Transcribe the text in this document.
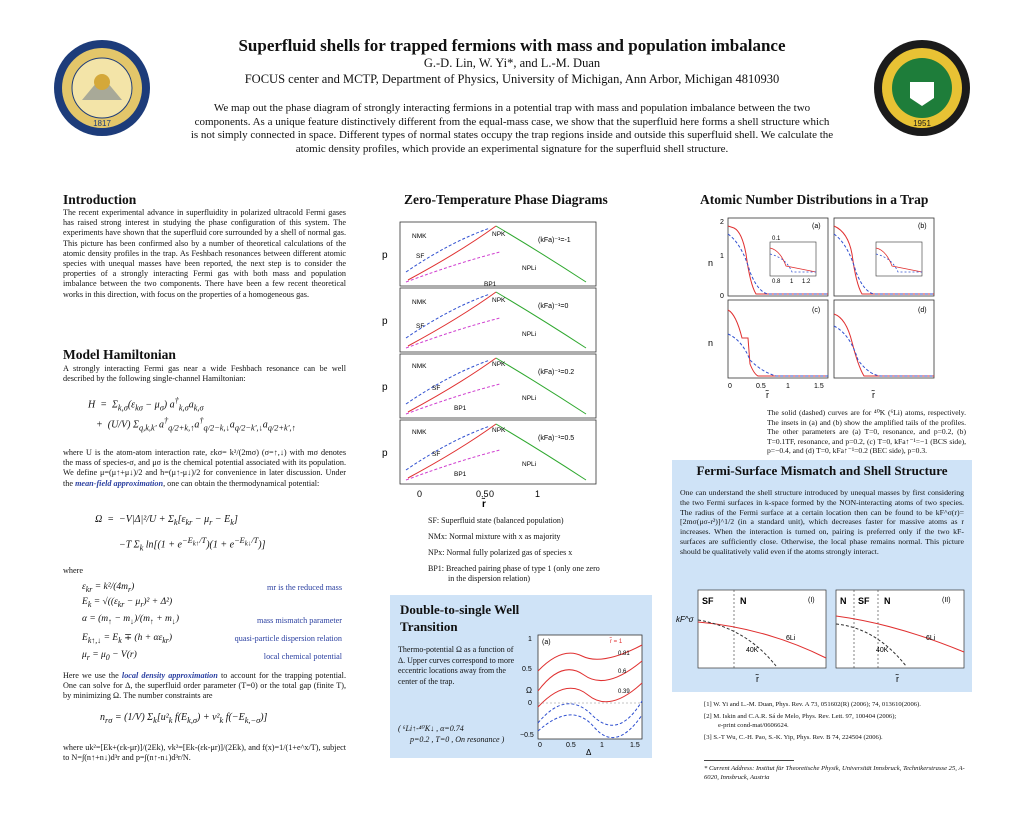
1817	1951
Superfluid shells for trapped fermions with mass and population imbalance
G.-D. Lin, W. Yi*, and L.-M. Duan
FOCUS center and MCTP, Department of Physics, University of Michigan, Ann Arbor, Michigan 4810930
We map out the phase diagram of strongly interacting fermions in a potential trap with mass and population imbalance between the two components. As a unique feature distinctively different from the equal-mass case, we show that the superfluid here forms a shell structure which is not simply connected in space. Different types of normal states occupy the trap regions inside and outside this superfluid shell. We calculate the atomic density profiles, which provide an experimental signature for the superfluid shell structure.
Introduction
The recent experimental advance in superfluidity in polarized ultracold Fermi gases has raised strong interest in studying the phase configuration of this system. The experiments have shown that the superfluid core surrounded by a shell of normal gas. This picture has been confirmed also by a number of theoretical calculations of the atomic density profiles in the trap. As Feshbach resonances between different atomic species with unequal masses have been reported, the next step is to consider the properties of a strongly interacting Fermi gas with both mass and population imbalance between the two components. There have been a few recent theoretical works in this direction, with focus on the properties of a homogeneous gas.
Model Hamiltonian
A strongly interacting Fermi gas near a wide Feshbach resonance can be well described by the following single-channel Hamiltonian:
$H = \Sigma_{k,\sigma}(\varepsilon_{k\sigma} - \mu_\sigma)$ $a^\dagger_{k,\sigma}a_{k,\sigma}$
+  (U/V) $\Sigma_{q,k,k'}$ $a^\dagger_{q/2+k,↑}a^\dagger_{q/2-k,↓}a_{q/2-k',↓}a_{q/2+k',↑}$
where U is the atom-atom interaction rate, εkσ= k²/(2mσ) (σ=↑,↓) with mσ denotes the mass of species-σ, and μσ is the chemical potential associated with its population. We define μ=(μ↑+μ↓)/2 and h=(μ↑-μ↓)/2 for convenience in later discussion. Under the mean-field approximation, one can obtain the thermodynamical potential:
$\Omega = -V|\Delta|^2/U + \Sigma_k[\varepsilon_{kr} - \mu_r - E_k]$
−T $\Sigma_k$ $\ln[(1 + e^{-E_{k↑}/T})(1 + e^{-E_{k↓}/T})]$
where
$\varepsilon_{kr} = k^2/(4m_r)$
$E_k = √((\varepsilon_{kr} - \mu_r)^2 + \Delta^2)$
$\alpha = (m_↑ - m_↓)/(m_↑ + m_↓)$
$E_{k↑,↓} = E_k \mp (h + \alpha\varepsilon_{kr})$
$\mu_r = \mu_0 - V(r)$
mr is the reduced mass
mass mismatch parameter
quasi-particle dispersion relation
local chemical potential
Here we use the local density approximation to account for the trapping potential. One can solve for Δ, the superfluid order parameter (T=0) or the total gap (finite T), by minimizing Ω. The number constraints are
$n_{r\sigma} = (1/V)$ $\Sigma_k[u^2_k$ $f(E_{k,\sigma}) + v^2_k$ $f(-E_{k,-\sigma})$]
where uk²=[Ek+(εk-μr)]/(2Ek), vk²=[Ek-(εk-μr)]/(2Ek), and f(x)=1/(1+e^x/T), subject to N=∫(n↑+n↓)d³r and p=∫(n↑-n↓)d³r/N.
Zero-Temperature Phase Diagrams
p
(kFa)⁻¹=-1
NMK	NPK
SF
NPLi
BP1
p
(kFa)⁻¹=0
NMK	NPK
SF
NPLi
p
(kFa)⁻¹=0.2
NMK	NPK
SF
BP1
NPLi
p
(kFa)⁻¹=0.5
NMK	NPK
SF
BP1
NPLi
0
0	0.5	1
r̃
SF: Superfluid state (balanced population)
NMx: Normal mixture with x as majority
NPx: Normal fully polarized gas of species x
BP1: Breached pairing phase of type 1 (only one zero
in the dispersion relation)
Double-to-single Well Transition
Thermo-potential Ω as a function of Δ. Upper curves correspond to more eccentric locations away from the center of the trap.
( ⁶Li↑-⁴⁰K↓ , α=0.74
p=0.2 , T=0 , On resonance )
(a)	r̃ = 1
0.81
0.6
0.39
1
0.5
0
−0.5
Ω
0	0.5	1	1.5
Δ
Atomic Number Distributions in a Trap
(a)
0.1
0.8 1 1.2
(b)
(c)	(d)
2
1
0
n
n
0	0.5	1	1.5
r̃	r̃
The solid (dashed) curves are for ⁴⁰K (⁶Li) atoms, respectively. The insets in (a) and (b) show the amplified tails of the profiles. The other parameters are (a) T=0, resonance, and p=0.2, (b) T=0.1TF, resonance, and p=0.2, (c) T=0, kFa↑⁻¹=−1 (BCS side), p=−0.4, and (d) T=0, kFa↑⁻¹=0.2 (BEC side), p=0.3.
Fermi-Surface Mismatch and Shell Structure
One can understand the shell structure introduced by unequal masses by first considering the two Fermi surfaces in k-space formed by the NON-interacting atoms of two species. The radius of the Fermi surface at a certain location then can be found to be kF^σ(r)=[2mσ(μσ-r²)]^1/2 (in a standard unit), which decreases faster for massive atoms as r increases. When the interaction is turned on, pairing is preferred only if the two kF-surfaces are sufficiently close. Otherwise, the local phase remains normal. This picture should be qualitatively valid even if the atoms strongly interact.
SF	N	(I)
40K
6Li
kF^σ
r̃
N SF N	(II)
40K
6Li
r̃
[1] W. Yi and L.-M. Duan, Phys. Rev. A 73, 051602(R) (2006); 74, 013610(2006).
[2] M. Iskin and C.A.R. Sá de Melo, Phys. Rev. Lett. 97, 100404 (2006);
e-print cond-mat/0606624.
[3] S.-T Wu, C.-H. Pao, S.-K. Yip, Phys. Rev. B 74, 224504 (2006).
* Current Address: Institut für Theoretische Physik, Universität Innsbruck, Technikerstrasse 25, A-6020, Innsbruck, Austria
